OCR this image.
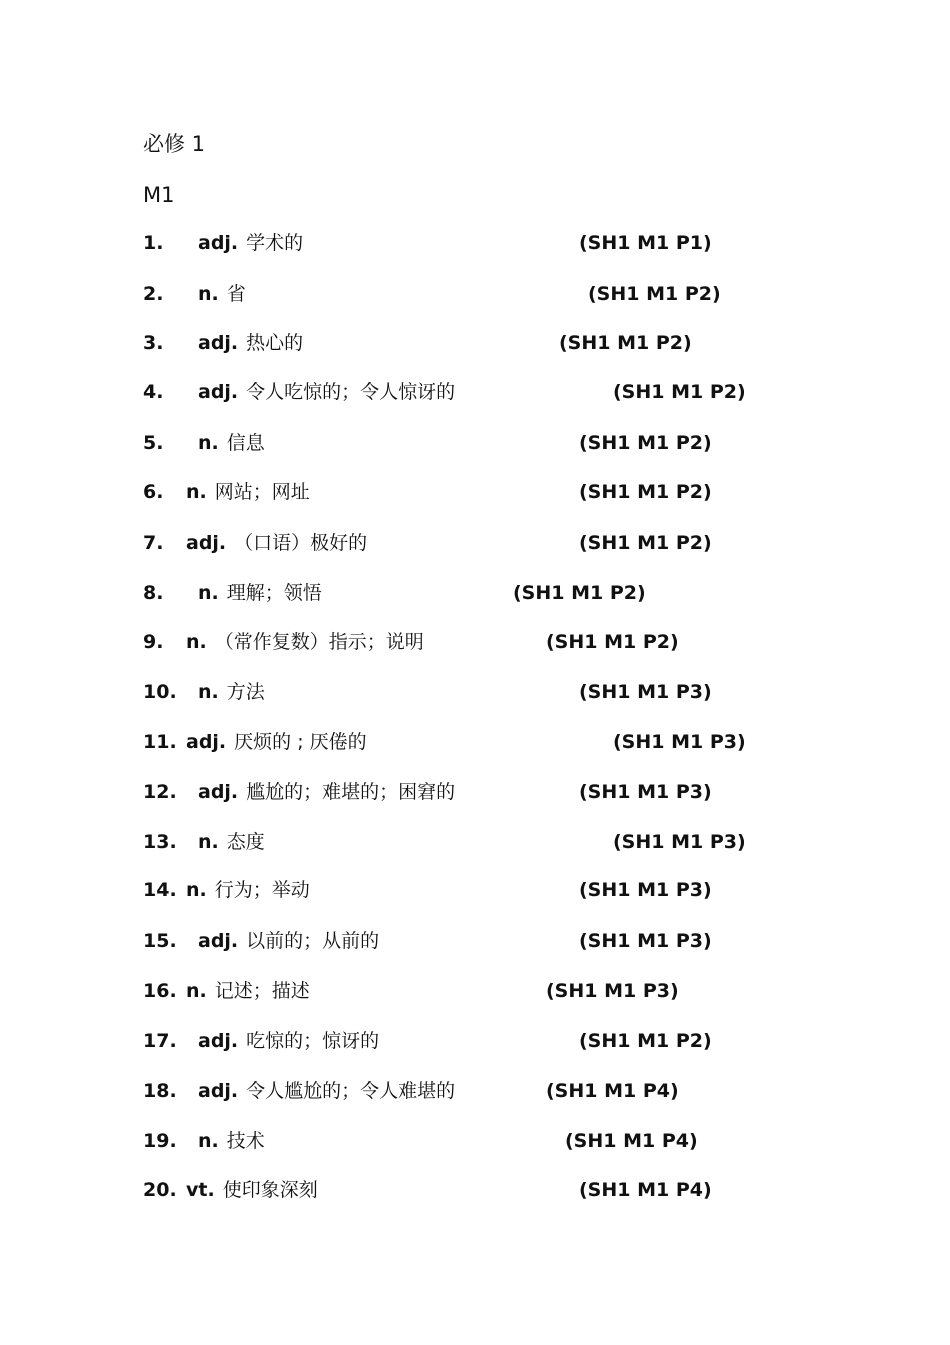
必修 1
M1
1. adj. 学术的	(SH1 M1 P1)
2. n. 省	(SH1 M1 P2)
3. adj. 热心的	(SH1 M1 P2)
4. adj. 令人吃惊的；令人惊讶的	(SH1 M1 P2)
5. n. 信息	(SH1 M1 P2)
6. n. 网站；网址	(SH1 M1 P2)
7. adj. （口语）极好的	(SH1 M1 P2)
8. n. 理解；领悟	(SH1 M1 P2)
9. n. （常作复数）指示；说明	(SH1 M1 P2)
10. n. 方法	(SH1 M1 P3)
11. adj. 厌烦的 ; 厌倦的	(SH1 M1 P3)
12. adj. 尴尬的；难堪的；困窘的	(SH1 M1 P3)
13. n. 态度	(SH1 M1 P3)
14. n. 行为；举动	(SH1 M1 P3)
15. adj. 以前的；从前的	(SH1 M1 P3)
16. n. 记述；描述	(SH1 M1 P3)
17. adj. 吃惊的；惊讶的	(SH1 M1 P2)
18. adj. 令人尴尬的；令人难堪的	(SH1 M1 P4)
19. n. 技术	(SH1 M1 P4)
20. vt. 使印象深刻	(SH1 M1 P4)
